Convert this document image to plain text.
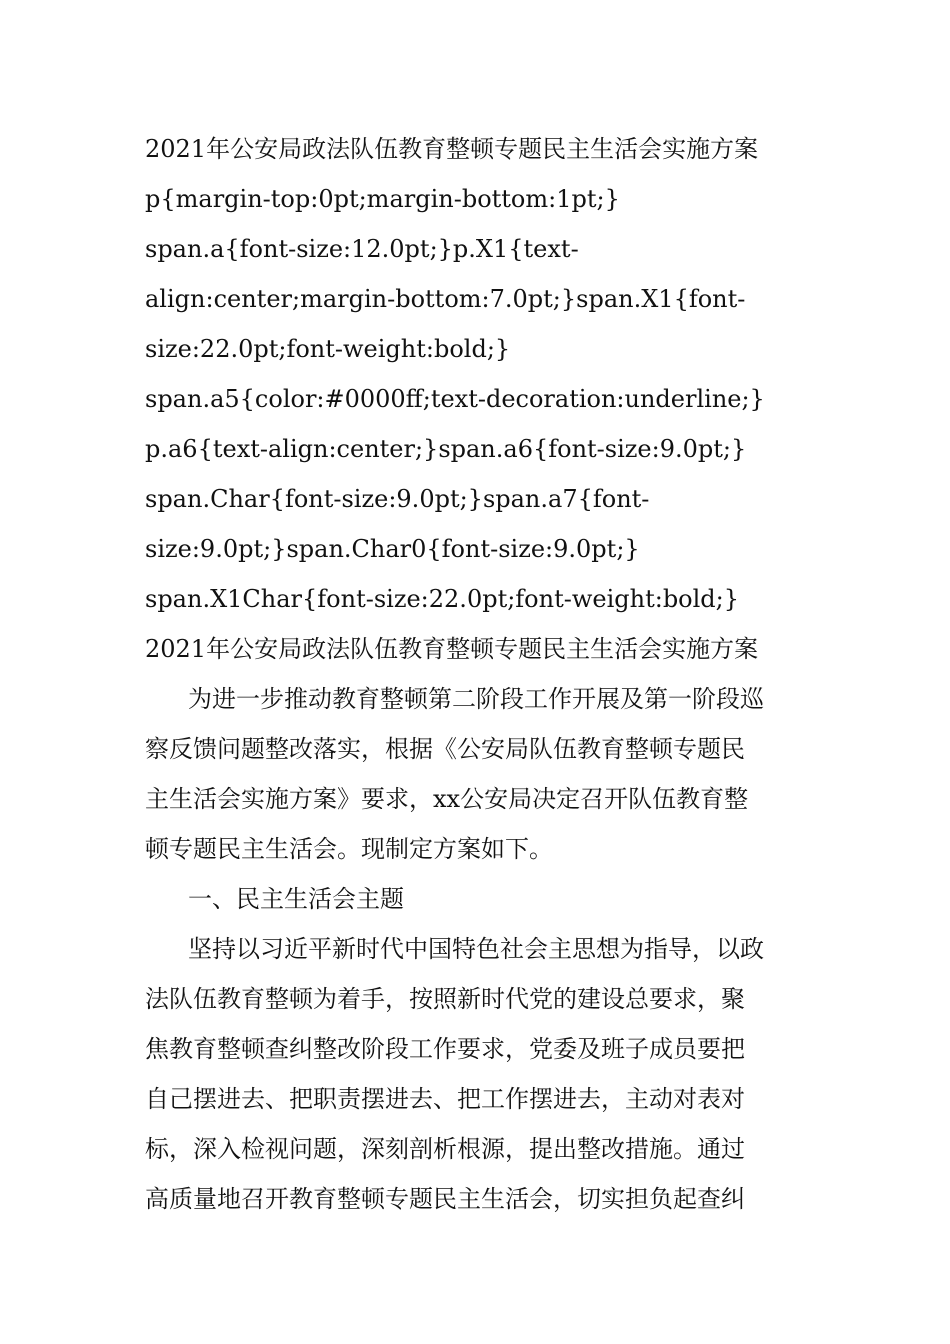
2021年公安局政法队伍教育整顿专题民主生活会实施方案
p{margin-top:0pt;margin-bottom:1pt;}
span.a{font-size:12.0pt;}p.X1{text-
align:center;margin-bottom:7.0pt;}span.X1{font-
size:22.0pt;font-weight:bold;}
span.a5{color:#0000ff;text-decoration:underline;}
p.a6{text-align:center;}span.a6{font-size:9.0pt;}
span.Char{font-size:9.0pt;}span.a7{font-
size:9.0pt;}span.Char0{font-size:9.0pt;}
span.X1Char{font-size:22.0pt;font-weight:bold;}
2021年公安局政法队伍教育整顿专题民主生活会实施方案
为进一步推动教育整顿第二阶段工作开展及第一阶段巡
察反馈问题整改落实，根据《公安局队伍教育整顿专题民
主生活会实施方案》要求，xx公安局决定召开队伍教育整
顿专题民主生活会。现制定方案如下。
一、民主生活会主题
坚持以习近平新时代中国特色社会主思想为指导，以政
法队伍教育整顿为着手，按照新时代党的建设总要求，聚
焦教育整顿查纠整改阶段工作要求，党委及班子成员要把
自己摆进去、把职责摆进去、把工作摆进去，主动对表对
标，深入检视问题，深刻剖析根源，提出整改措施。通过
高质量地召开教育整顿专题民主生活会，切实担负起查纠
